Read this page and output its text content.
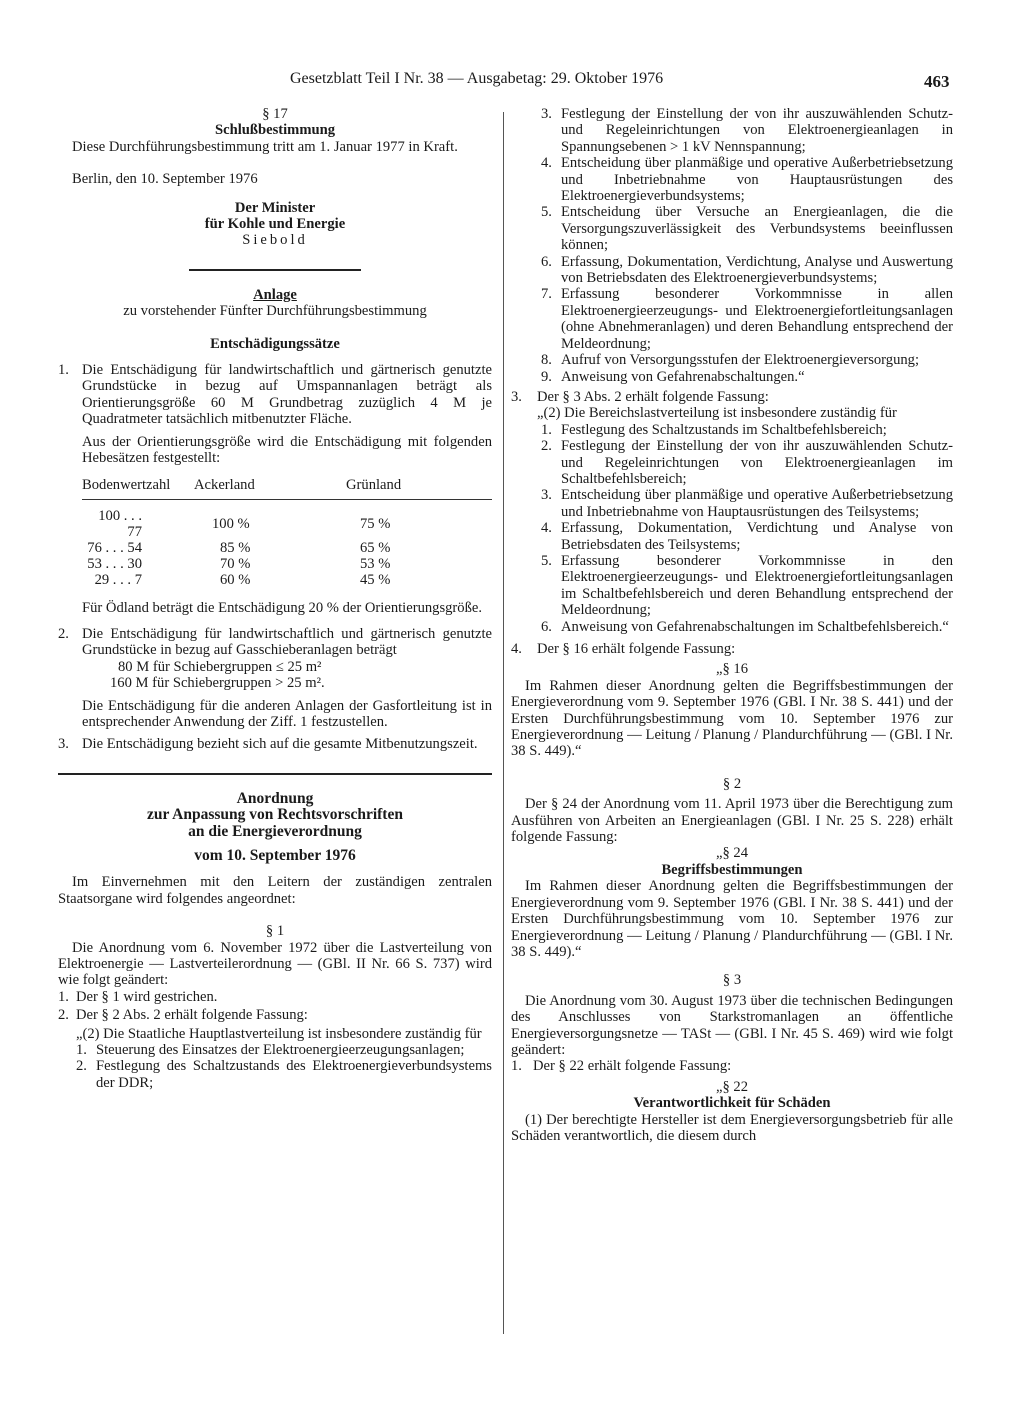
Gesetzblatt Teil I Nr. 38 — Ausgabetag: 29. Oktober 1976	463

§ 17

Schlußbestimmung

Diese Durchführungsbestimmung tritt am 1. Januar 1977 in Kraft.

Berlin, den 10. September 1976

Der Minister

für Kohle und Energie

Siebold

Anlage

zu vorstehender Fünfter Durchführungsbestimmung

Entschädigungssätze

1. Die Entschädigung für landwirtschaftlich und gärtnerisch genutzte Grundstücke in bezug auf Umspannanlagen beträgt als Orientierungsgröße 60 M Grundbetrag zuzüglich 4 M je Quadratmeter tatsächlich mitbenutzter Fläche.

Aus der Orientierungsgröße wird die Entschädigung mit folgenden Hebesätzen festgestellt:

Bodenwertzahl	Ackerland	Grünland

100 . . . 77	100 %	75 %
76 . . . 54	85 %	65 %
53 . . . 30	70 %	53 %
29 . . . 7	60 %	45 %

Für Ödland beträgt die Entschädigung 20 % der Orientierungsgröße.

2. Die Entschädigung für landwirtschaftlich und gärtnerisch genutzte Grundstücke in bezug auf Gasschieberanlagen beträgt

80 M für Schiebergruppen ≤ 25 m²

160 M für Schiebergruppen > 25 m².

Die Entschädigung für die anderen Anlagen der Gasfortleitung ist in entsprechender Anwendung der Ziff. 1 festzustellen.

3. Die Entschädigung bezieht sich auf die gesamte Mitbenutzungszeit.

Anordnung

zur Anpassung von Rechtsvorschriften

an die Energieverordnung

vom 10. September 1976

Im Einvernehmen mit den Leitern der zuständigen zentralen Staatsorgane wird folgendes angeordnet:

§ 1

Die Anordnung vom 6. November 1972 über die Lastverteilung von Elektroenergie — Lastverteilerordnung — (GBl. II Nr. 66 S. 737) wird wie folgt geändert:

1. Der § 1 wird gestrichen.

2. Der § 2 Abs. 2 erhält folgende Fassung:

„(2) Die Staatliche Hauptlastverteilung ist insbesondere zuständig für

1. Steuerung des Einsatzes der Elektroenergieerzeugungsanlagen;

2. Festlegung des Schaltzustands des Elektroenergieverbundsystems der DDR;

3. Festlegung der Einstellung der von ihr auszuwählenden Schutz- und Regeleinrichtungen von Elektroenergieanlagen in Spannungsebenen > 1 kV Nennspannung;

4. Entscheidung über planmäßige und operative Außerbetriebsetzung und Inbetriebnahme von Hauptausrüstungen des Elektroenergieverbundsystems;

5. Entscheidung über Versuche an Energieanlagen, die die Versorgungszuverlässigkeit des Verbundsystems beeinflussen können;

6. Erfassung, Dokumentation, Verdichtung, Analyse und Auswertung von Betriebsdaten des Elektroenergieverbundsystems;

7. Erfassung besonderer Vorkommnisse in allen Elektroenergieerzeugungs- und Elektroenergiefortleitungsanlagen (ohne Abnehmeranlagen) und deren Behandlung entsprechend der Meldeordnung;

8. Aufruf von Versorgungsstufen der Elektroenergieversorgung;

9. Anweisung von Gefahrenabschaltungen.“

3. Der § 3 Abs. 2 erhält folgende Fassung:

„(2) Die Bereichslastverteilung ist insbesondere zuständig für

1. Festlegung des Schaltzustands im Schaltbefehlsbereich;

2. Festlegung der Einstellung der von ihr auszuwählenden Schutz- und Regeleinrichtungen von Elektroenergieanlagen im Schaltbefehlsbereich;

3. Entscheidung über planmäßige und operative Außerbetriebsetzung und Inbetriebnahme von Hauptausrüstungen des Teilsystems;

4. Erfassung, Dokumentation, Verdichtung und Analyse von Betriebsdaten des Teilsystems;

5. Erfassung besonderer Vorkommnisse in den Elektroenergieerzeugungs- und Elektroenergiefortleitungsanlagen im Schaltbefehlsbereich und deren Behandlung entsprechend der Meldeordnung;

6. Anweisung von Gefahrenabschaltungen im Schaltbefehlsbereich.“

4. Der § 16 erhält folgende Fassung:

„§ 16

Im Rahmen dieser Anordnung gelten die Begriffsbestimmungen der Energieverordnung vom 9. September 1976 (GBl. I Nr. 38 S. 441) und der Ersten Durchführungsbestimmung vom 10. September 1976 zur Energieverordnung — Leitung / Planung / Plandurchführung — (GBl. I Nr. 38 S. 449).“

§ 2

Der § 24 der Anordnung vom 11. April 1973 über die Berechtigung zum Ausführen von Arbeiten an Energieanlagen (GBl. I Nr. 25 S. 228) erhält folgende Fassung:

„§ 24

Begriffsbestimmungen

Im Rahmen dieser Anordnung gelten die Begriffsbestimmungen der Energieverordnung vom 9. September 1976 (GBl. I Nr. 38 S. 441) und der Ersten Durchführungsbestimmung vom 10. September 1976 zur Energieverordnung — Leitung / Planung / Plandurchführung — (GBl. I Nr. 38 S. 449).“

§ 3

Die Anordnung vom 30. August 1973 über die technischen Bedingungen des Anschlusses von Starkstromanlagen an öffentliche Energieversorgungsnetze — TASt — (GBl. I Nr. 45 S. 469) wird wie folgt geändert:

1. Der § 22 erhält folgende Fassung:

„§ 22

Verantwortlichkeit für Schäden

(1) Der berechtigte Hersteller ist dem Energieversorgungsbetrieb für alle Schäden verantwortlich, die diesem durch
